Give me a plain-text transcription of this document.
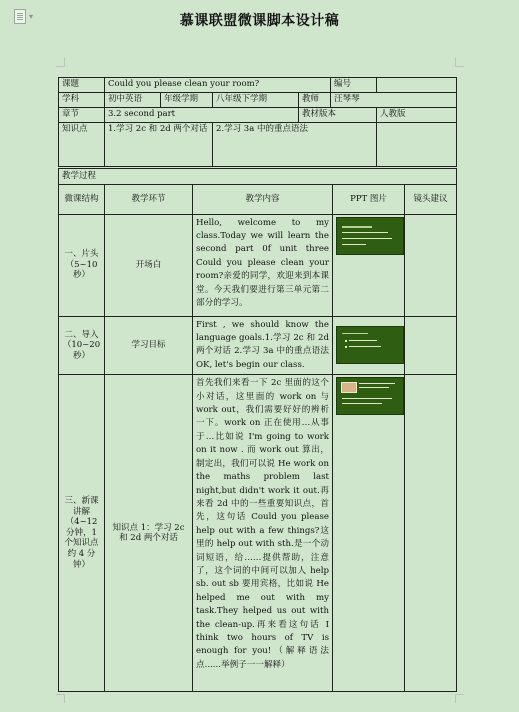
▾	慕课联盟微课脚本设计稿
课题	Could you please clean your room?				编号	
学科	初中英语	年级学期	八年级下学期	教师	汪琴琴	
章节	3.2 second part			教材版本		人教版
知识点	1.学习 2c 和 2d 两个对话		2.学习 3a 中的重点语法			
教学过程				
微课结构	教学环节	教学内容	PPT 图片	镜头建议
一、片头（5~10 秒）	开场白	Hello, welcome to my class.Today we will learn the second part 0f unit three Could you please clean your room?亲爱的同学，欢迎来到本课堂。今天我们要进行第三单元第二部分的学习。	

二、导入（10~20 秒）	学习目标	First , we should know the language goals.1.学习 2c 和 2d 两个对话 2.学习 3a 中的重点语法 OK, let's begin our class.	

三、新课讲解（4~12 分钟，1 个知识点约 4 分钟）	知识点 1：学习 2c 和 2d 两个对话	首先我们来看一下 2c 里面的这个小对话，这里面的 work on 与 work out，我们需要好好的辨析一下。work on 正在使用…从事于…比如说 I'm going to work on it now . 而 work out 算出，制定出，我们可以说 He work on the maths problem last night,but didn't work it out.再来看 2d 中的一些重要知识点，首先，这句话 Could you please help out with a few things?这里的 help out with sth.是一个动词短语，给……提供帮助，注意了，这个词的中间可以加人 help sb. out sb 要用宾格，比如说 He helped me out with my task.They helped us out with the clean-up.再来看这句话 I think two hours of TV is enough for you!（解释语法点......举例子一一解释）	
